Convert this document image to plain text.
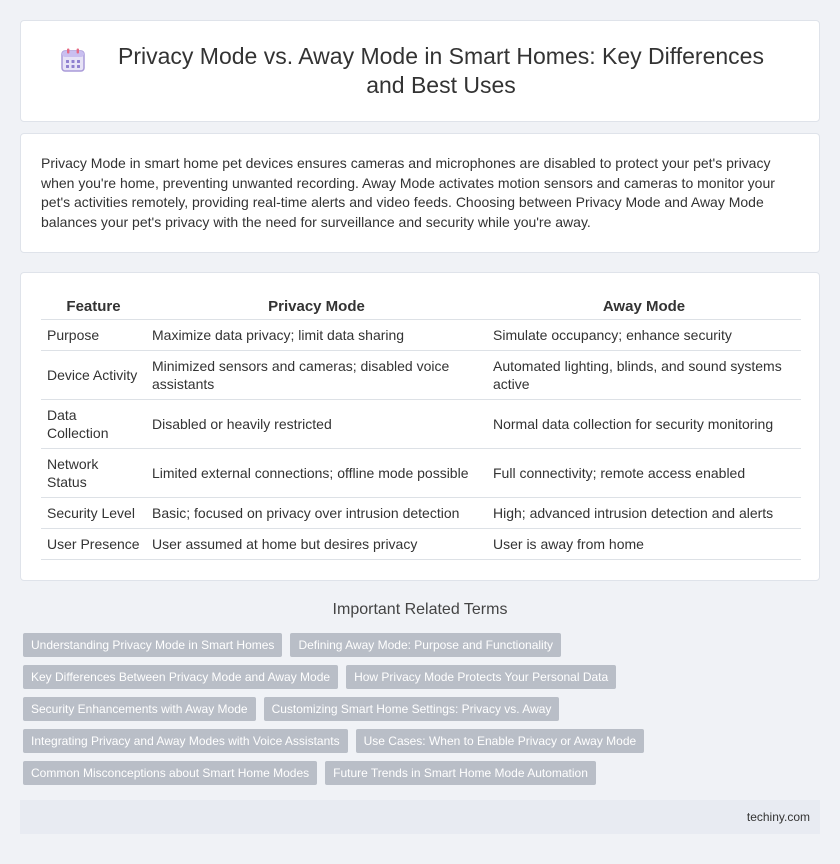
Privacy Mode vs. Away Mode in Smart Homes: Key Differences and Best Uses

Privacy Mode in smart home pet devices ensures cameras and microphones are disabled to protect your pet's privacy when you're home, preventing unwanted recording. Away Mode activates motion sensors and cameras to monitor your pet's activities remotely, providing real-time alerts and video feeds. Choosing between Privacy Mode and Away Mode balances your pet's privacy with the need for surveillance and security while you're away.

Feature	Privacy Mode	Away Mode
Purpose	Maximize data privacy; limit data sharing	Simulate occupancy; enhance security
Device Activity	Minimized sensors and cameras; disabled voice assistants	Automated lighting, blinds, and sound systems active
Data Collection	Disabled or heavily restricted	Normal data collection for security monitoring
Network Status	Limited external connections; offline mode possible	Full connectivity; remote access enabled
Security Level	Basic; focused on privacy over intrusion detection	High; advanced intrusion detection and alerts
User Presence	User assumed at home but desires privacy	User is away from home
Important Related Terms
Understanding Privacy Mode in Smart Homes	Defining Away Mode: Purpose and Functionality
Key Differences Between Privacy Mode and Away Mode	How Privacy Mode Protects Your Personal Data
Security Enhancements with Away Mode	Customizing Smart Home Settings: Privacy vs. Away
Integrating Privacy and Away Modes with Voice Assistants	Use Cases: When to Enable Privacy or Away Mode
Common Misconceptions about Smart Home Modes	Future Trends in Smart Home Mode Automation
techiny.com
